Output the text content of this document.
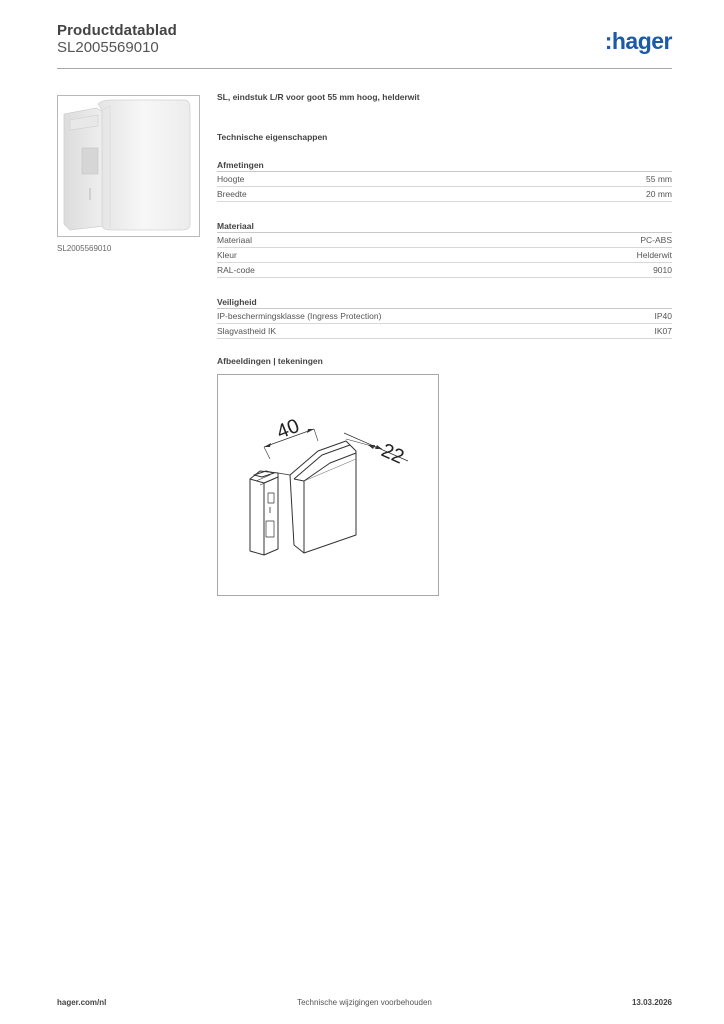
Productdatablad
SL2005569010	:hager
SL2005569010
SL, eindstuk L/R voor goot 55 mm hoog, helderwit
Technische eigenschappen
Afmetingen
Hoogte	55 mm
Breedte	20 mm
Materiaal
Materiaal	PC-ABS
Kleur	Helderwit
RAL-code	9010
Veiligheid
IP-beschermingsklasse (Ingress Protection)	IP40
Slagvastheid IK	IK07
Afbeeldingen | tekeningen
40
22
hager.com/nl	Technische wijzigingen voorbehouden	13.03.2026
